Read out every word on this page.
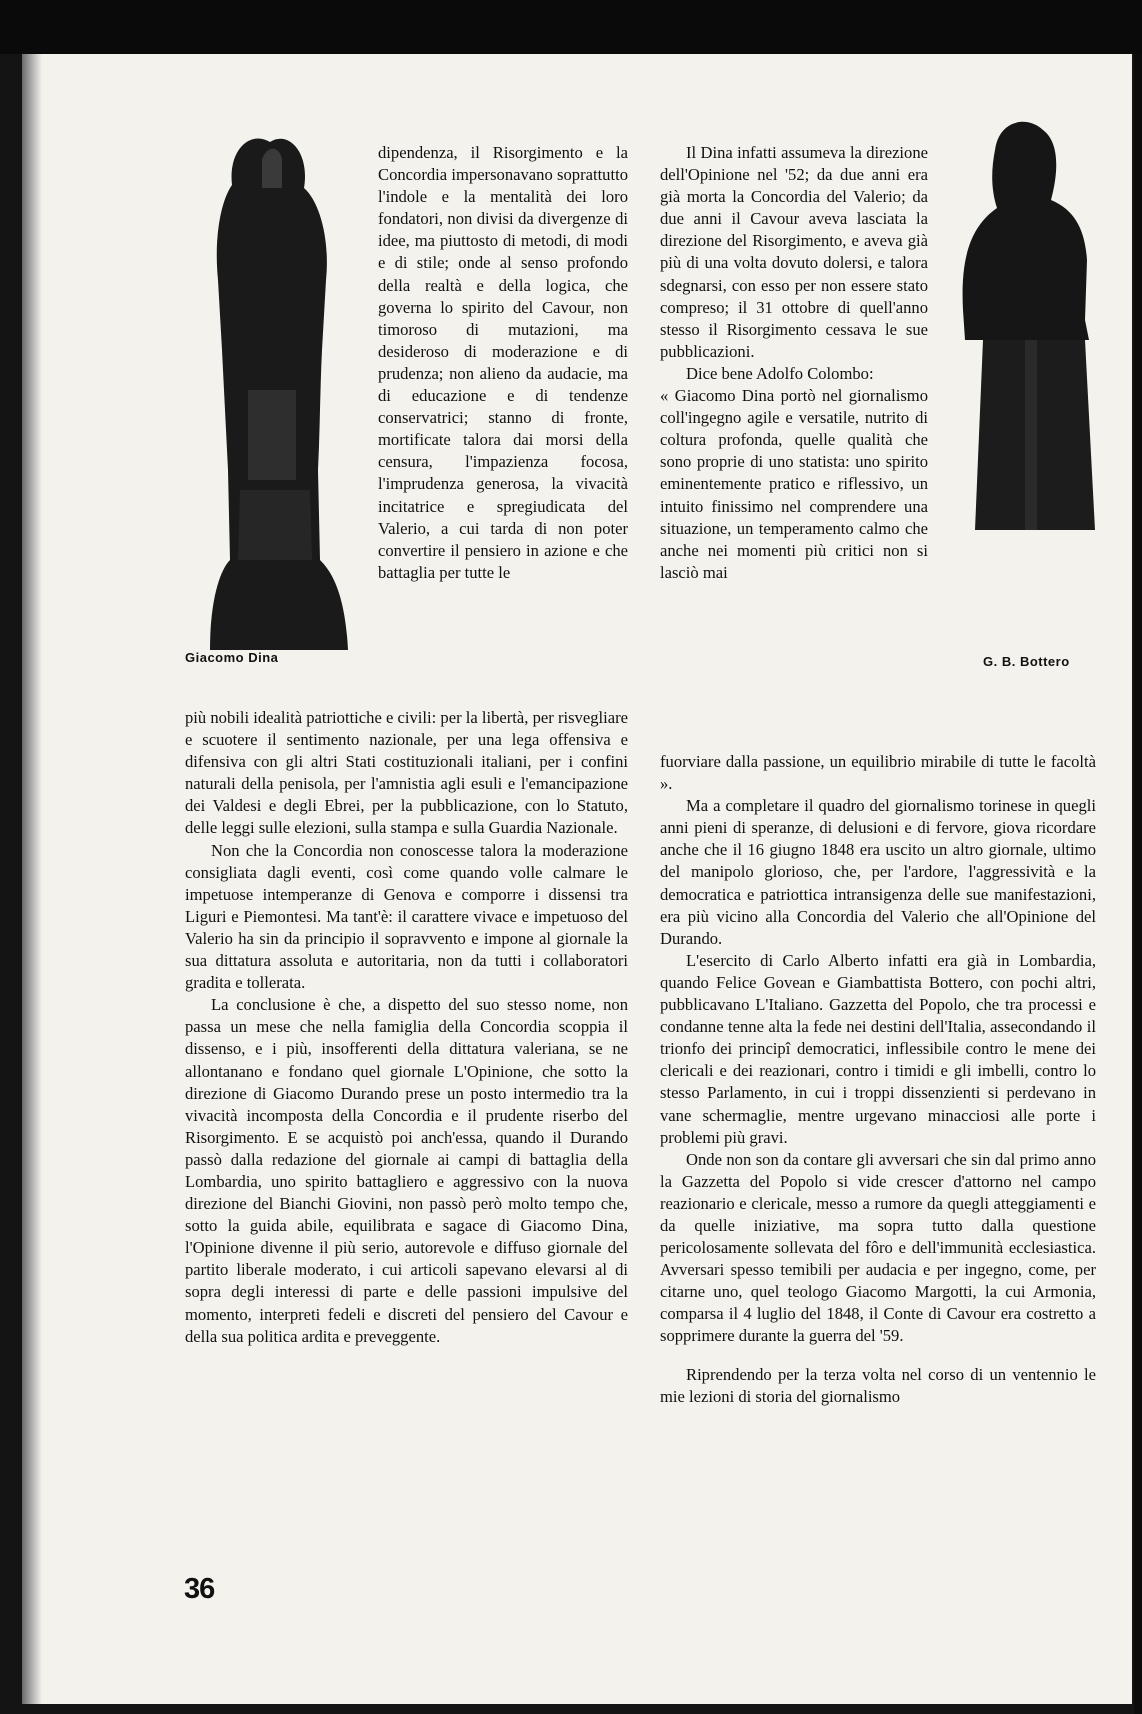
Giacomo Dina	G. B. Bottero

dipendenza, il Risorgimento e la Concordia impersonavano soprattutto l'indole e la mentalità dei loro fondatori, non divisi da divergenze di idee, ma piuttosto di metodi, di modi e di stile; onde al senso profondo della realtà e della logica, che governa lo spirito del Cavour, non timoroso di mutazioni, ma desideroso di moderazione e di prudenza; non alieno da audacie, ma di educazione e di tendenze conservatrici; stanno di fronte, mortificate talora dai morsi della censura, l'impazienza focosa, l'imprudenza generosa, la vivacità incitatrice e spregiudicata del Valerio, a cui tarda di non poter convertire il pensiero in azione e che battaglia per tutte le

più nobili idealità patriottiche e civili: per la libertà, per risvegliare e scuotere il sentimento nazionale, per una lega offensiva e difensiva con gli altri Stati costituzionali italiani, per i confini naturali della penisola, per l'amnistia agli esuli e l'emancipazione dei Valdesi e degli Ebrei, per la pubblicazione, con lo Statuto, delle leggi sulle elezioni, sulla stampa e sulla Guardia Nazionale.

Non che la Concordia non conoscesse talora la moderazione consigliata dagli eventi, così come quando volle calmare le impetuose intemperanze di Genova e comporre i dissensi tra Liguri e Piemontesi. Ma tant'è: il carattere vivace e impetuoso del Valerio ha sin da principio il sopravvento e impone al giornale la sua dittatura assoluta e autoritaria, non da tutti i collaboratori gradita e tollerata.

La conclusione è che, a dispetto del suo stesso nome, non passa un mese che nella famiglia della Concordia scoppia il dissenso, e i più, insofferenti della dittatura valeriana, se ne allontanano e fondano quel giornale L'Opinione, che sotto la direzione di Giacomo Durando prese un posto intermedio tra la vivacità incomposta della Concordia e il prudente riserbo del Risorgimento. E se acquistò poi anch'essa, quando il Durando passò dalla redazione del giornale ai campi di battaglia della Lombardia, uno spirito battagliero e aggressivo con la nuova direzione del Bianchi Giovini, non passò però molto tempo che, sotto la guida abile, equilibrata e sagace di Giacomo Dina, l'Opinione divenne il più serio, autorevole e diffuso giornale del partito liberale moderato, i cui articoli sapevano elevarsi al di sopra degli interessi di parte e delle passioni impulsive del momento, interpreti fedeli e discreti del pensiero del Cavour e della sua politica ardita e preveggente.

Il Dina infatti assumeva la direzione dell'Opinione nel '52; da due anni era già morta la Concordia del Valerio; da due anni il Cavour aveva lasciata la direzione del Risorgimento, e aveva già più di una volta dovuto dolersi, e talora sdegnarsi, con esso per non essere stato compreso; il 31 ottobre di quell'anno stesso il Risorgimento cessava le sue pubblicazioni.

Dice bene Adolfo Colombo:

« Giacomo Dina portò nel giornalismo coll'ingegno agile e versatile, nutrito di coltura profonda, quelle qualità che sono proprie di uno statista: uno spirito eminentemente pratico e riflessivo, un intuito finissimo nel comprendere una situazione, un temperamento calmo che anche nei momenti più critici non si lasciò mai

fuorviare dalla passione, un equilibrio mirabile di tutte le facoltà ».

Ma a completare il quadro del giornalismo torinese in quegli anni pieni di speranze, di delusioni e di fervore, giova ricordare anche che il 16 giugno 1848 era uscito un altro giornale, ultimo del manipolo glorioso, che, per l'ardore, l'aggressività e la democratica e patriottica intransigenza delle sue manifestazioni, era più vicino alla Concordia del Valerio che all'Opinione del Durando.

L'esercito di Carlo Alberto infatti era già in Lombardia, quando Felice Govean e Giambattista Bottero, con pochi altri, pubblicavano L'Italiano. Gazzetta del Popolo, che tra processi e condanne tenne alta la fede nei destini dell'Italia, assecondando il trionfo dei principî democratici, inflessibile contro le mene dei clericali e dei reazionari, contro i timidi e gli imbelli, contro lo stesso Parlamento, in cui i troppi dissenzienti si perdevano in vane schermaglie, mentre urgevano minacciosi alle porte i problemi più gravi.

Onde non son da contare gli avversari che sin dal primo anno la Gazzetta del Popolo si vide crescer d'attorno nel campo reazionario e clericale, messo a rumore da quegli atteggiamenti e da quelle iniziative, ma sopra tutto dalla questione pericolosamente sollevata del fôro e dell'immunità ecclesiastica. Avversari spesso temibili per audacia e per ingegno, come, per citarne uno, quel teologo Giacomo Margotti, la cui Armonia, comparsa il 4 luglio del 1848, il Conte di Cavour era costretto a sopprimere durante la guerra del '59.

Riprendendo per la terza volta nel corso di un ventennio le mie lezioni di storia del giornalismo

36
